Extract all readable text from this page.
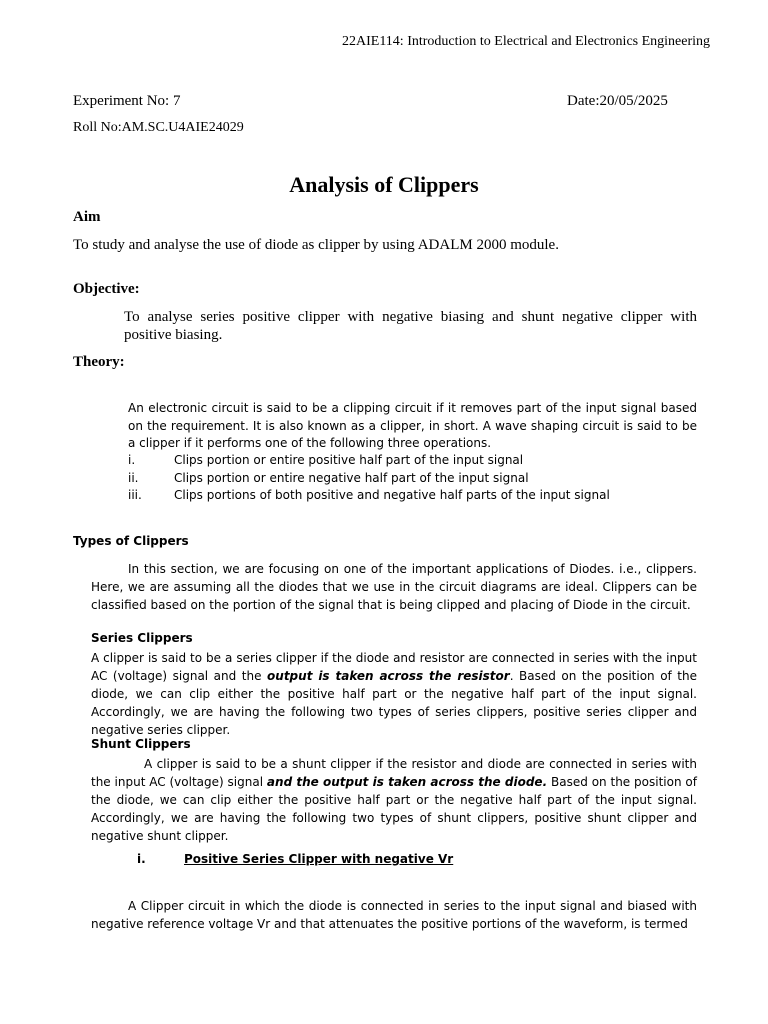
22AIE114: Introduction to Electrical and Electronics Engineering
Experiment No: 7	Date:20/05/2025
Roll No:AM.SC.U4AIE24029
Analysis of Clippers
Aim
To study and analyse the use of diode as clipper by using ADALM 2000 module.
Objective:
To analyse series positive clipper with negative biasing and shunt negative clipper with positive biasing.
Theory:
An electronic circuit is said to be a clipping circuit if it removes part of the input signal based on the requirement. It is also known as a clipper, in short. A wave shaping circuit is said to be a clipper if it performs one of the following three operations.
i.	Clips portion or entire positive half part of the input signal
ii.	Clips portion or entire negative half part of the input signal
iii.	Clips portions of both positive and negative half parts of the input signal
Types of Clippers
In this section, we are focusing on one of the important applications of Diodes. i.e., clippers. Here, we are assuming all the diodes that we use in the circuit diagrams are ideal. Clippers can be classified based on the portion of the signal that is being clipped and placing of Diode in the circuit.
Series Clippers
A clipper is said to be a series clipper if the diode and resistor are connected in series with the input AC (voltage) signal and the output is taken across the resistor. Based on the position of the diode, we can clip either the positive half part or the negative half part of the input signal. Accordingly, we are having the following two types of series clippers, positive series clipper and negative series clipper.
Shunt Clippers
A clipper is said to be a shunt clipper if the resistor and diode are connected in series with the input AC (voltage) signal and the output is taken across the diode. Based on the position of the diode, we can clip either the positive half part or the negative half part of the input signal. Accordingly, we are having the following two types of shunt clippers, positive shunt clipper and negative shunt clipper.
i.	Positive Series Clipper with negative Vr
A Clipper circuit in which the diode is connected in series to the input signal and biased with negative reference voltage Vr and that attenuates the positive portions of the waveform, is termed
